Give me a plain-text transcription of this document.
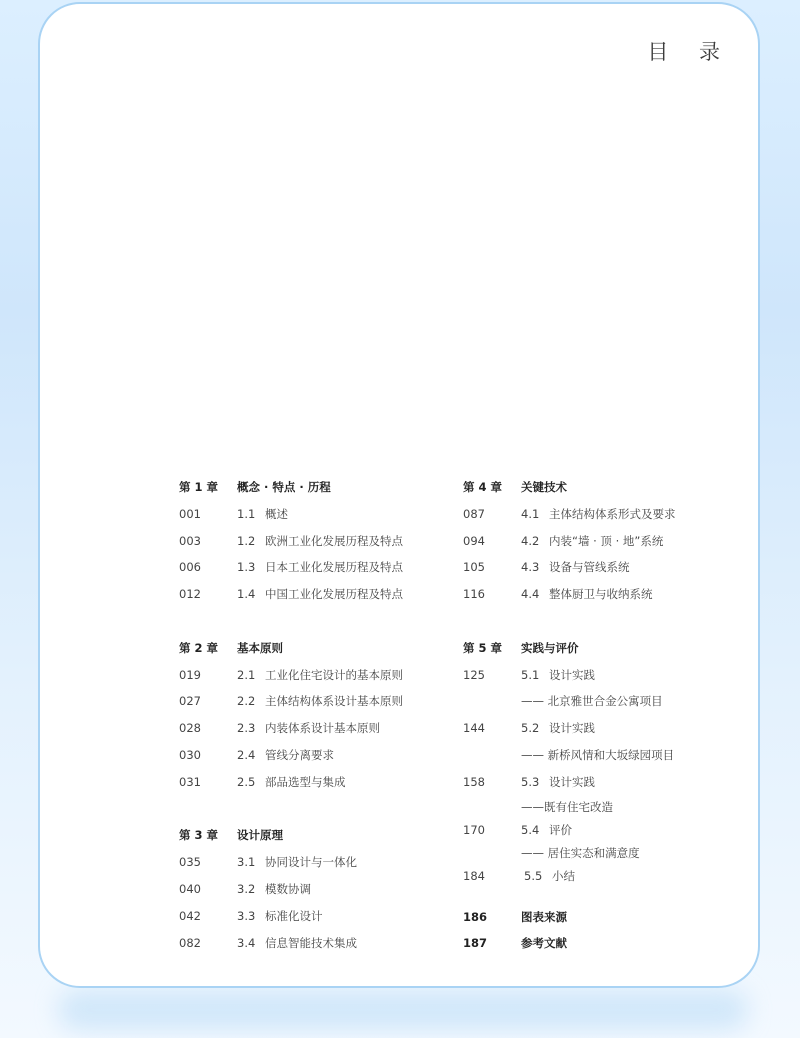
目 录
第 1 章 概念 · 特点 · 历程
001	1.1 概述
003	1.2 欧洲工业化发展历程及特点
006	1.3 日本工业化发展历程及特点
012	1.4 中国工业化发展历程及特点
第 2 章 基本原则
019	2.1 工业化住宅设计的基本原则
027	2.2 主体结构体系设计基本原则
028	2.3 内装体系设计基本原则
030	2.4 管线分离要求
031	2.5 部品选型与集成
第 3 章 设计原理
035	3.1 协同设计与一体化
040	3.2 模数协调
042	3.3 标准化设计
082	3.4 信息智能技术集成
第 4 章 关键技术
087	4.1 主体结构体系形式及要求
094	4.2 内装“墙 · 顶 · 地”系统
105	4.3 设备与管线系统
116	4.4 整体厨卫与收纳系统
第 5 章 实践与评价
125	5.1 设计实践
—— 北京雅世合金公寓项目
144	5.2 设计实践
—— 新桥风情和大坂绿园项目
158	5.3 设计实践
——既有住宅改造
170	5.4 评价
—— 居住实态和满意度
184	5.5 小结
186	图表来源
187	参考文献
